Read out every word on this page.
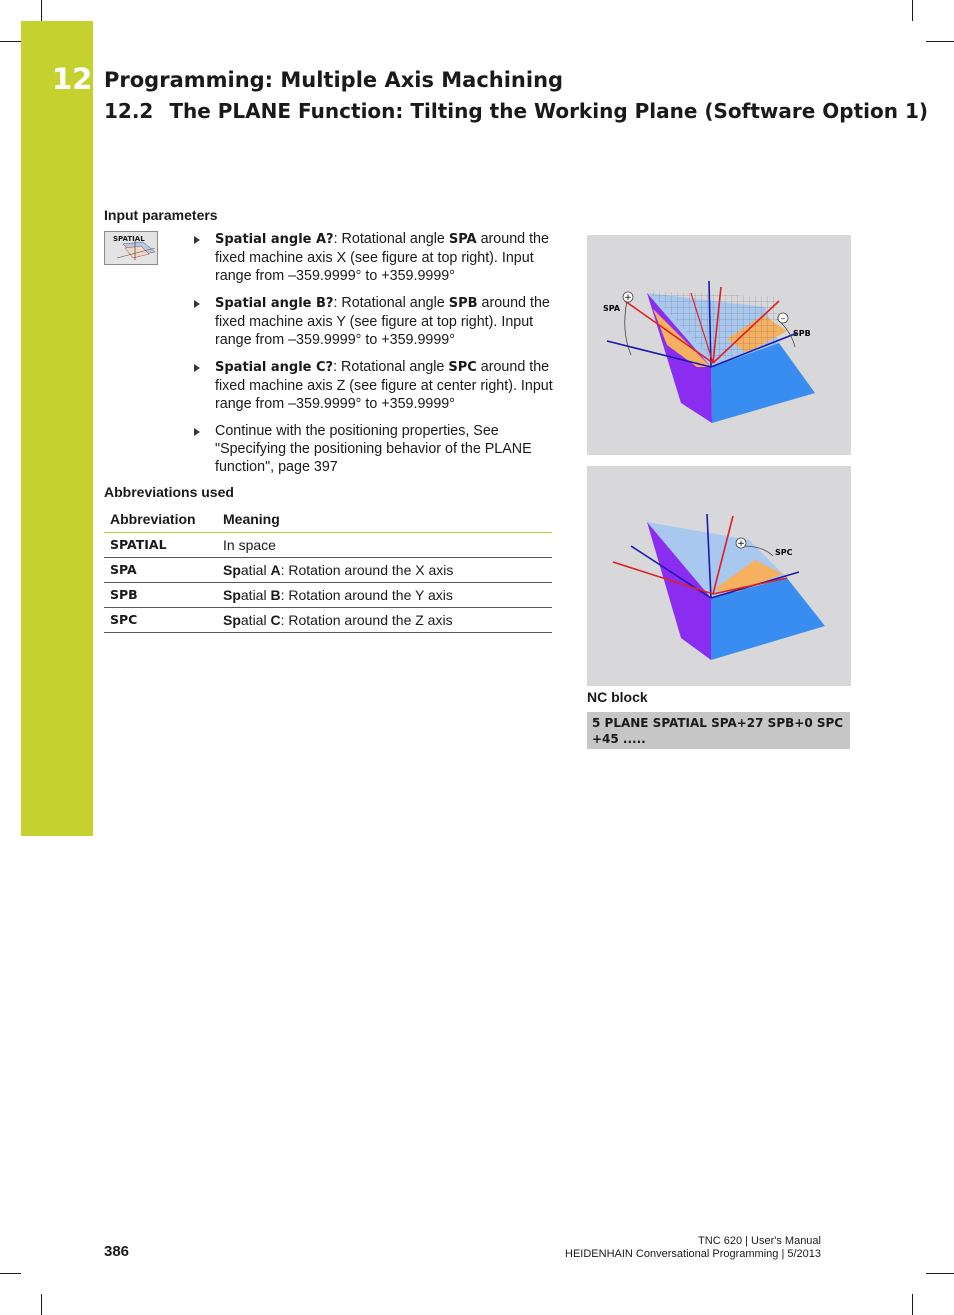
12 Programming: Multiple Axis Machining
12.2 The PLANE Function: Tilting the Working Plane (Software Option 1)
Input parameters
SPATIAL	Spatial angle A?: Rotational angle SPA around the fixed machine axis X (see figure at top right). Input range from –359.9999° to +359.9999°
Spatial angle B?: Rotational angle SPB around the fixed machine axis Y (see figure at top right). Input range from –359.9999° to +359.9999°
Spatial angle C?: Rotational angle SPC around the fixed machine axis Z (see figure at center right). Input range from –359.9999° to +359.9999°
Continue with the positioning properties, See "Specifying the positioning behavior of the PLANE function", page 397
Abbreviations used
Abbreviation	Meaning
SPATIAL	In space
SPA	Spatial A: Rotation around the X axis
SPB	Spatial B: Rotation around the Y axis
SPC	Spatial C: Rotation around the Z axis
+
–
SPA
SPB
+
SPC
NC block
5 PLANE SPATIAL SPA+27 SPB+0 SPC
+45 .....
386
TNC 620 | User's Manual
HEIDENHAIN Conversational Programming | 5/2013
